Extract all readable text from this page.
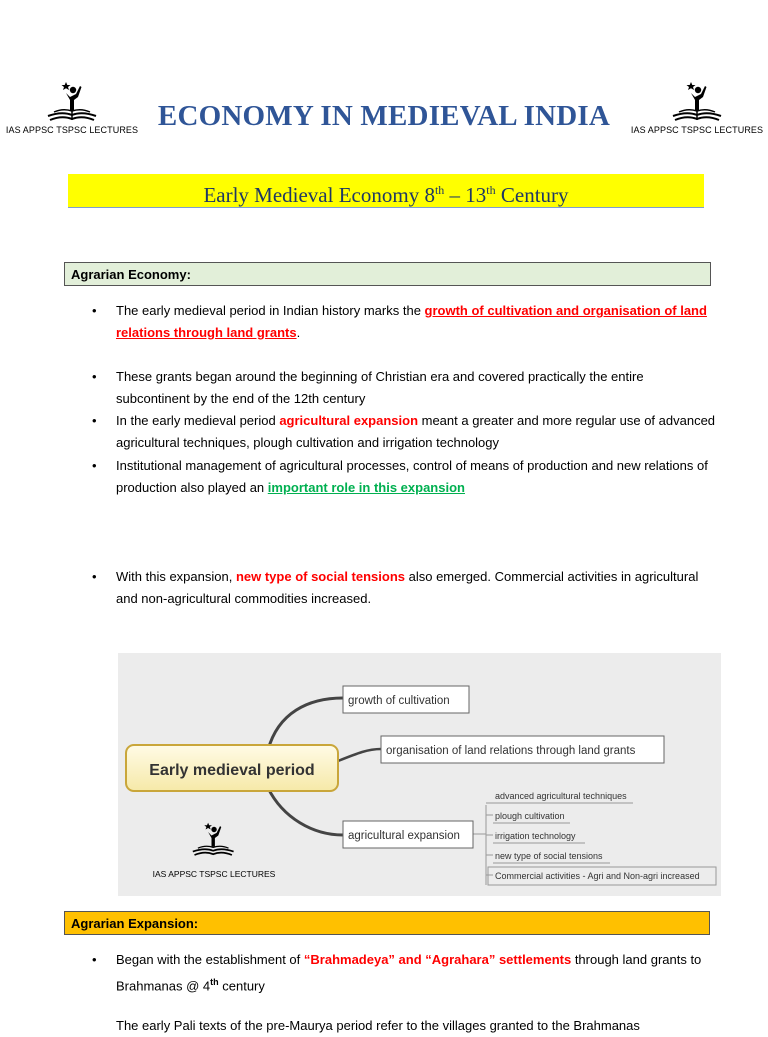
IAS APPSC TSPSC LECTURES ECONOMY IN MEDIEVAL INDIA	IAS APPSC TSPSC LECTURES
Early Medieval Economy 8th – 13th Century
Agrarian Economy:
• The early medieval period in Indian history marks the growth of cultivation and organisation of land relations through land grants.
• These grants began around the beginning of Christian era and covered practically the entire subcontinent by the end of the 12th century
• In the early medieval period agricultural expansion meant a greater and more regular use of advanced agricultural techniques, plough cultivation and irrigation technology
• Institutional management of agricultural processes, control of means of production and new relations of production also played an important role in this expansion
• With this expansion, new type of social tensions also emerged. Commercial activities in agricultural and non-agricultural commodities increased.
Early medieval period
growth of cultivation
organisation of land relations through land grants
agricultural expansion
advanced agricultural techniques
plough cultivation
irrigation technology
new type of social tensions
Commercial activities - Agri and Non-agri increased
IAS APPSC TSPSC LECTURES
Agrarian Expansion:
• Began with the establishment of “Brahmadeya” and “Agrahara” settlements through land grants to Brahmanas @ 4th century
• The early Pali texts of the pre-Maurya period refer to the villages granted to the Brahmanas
